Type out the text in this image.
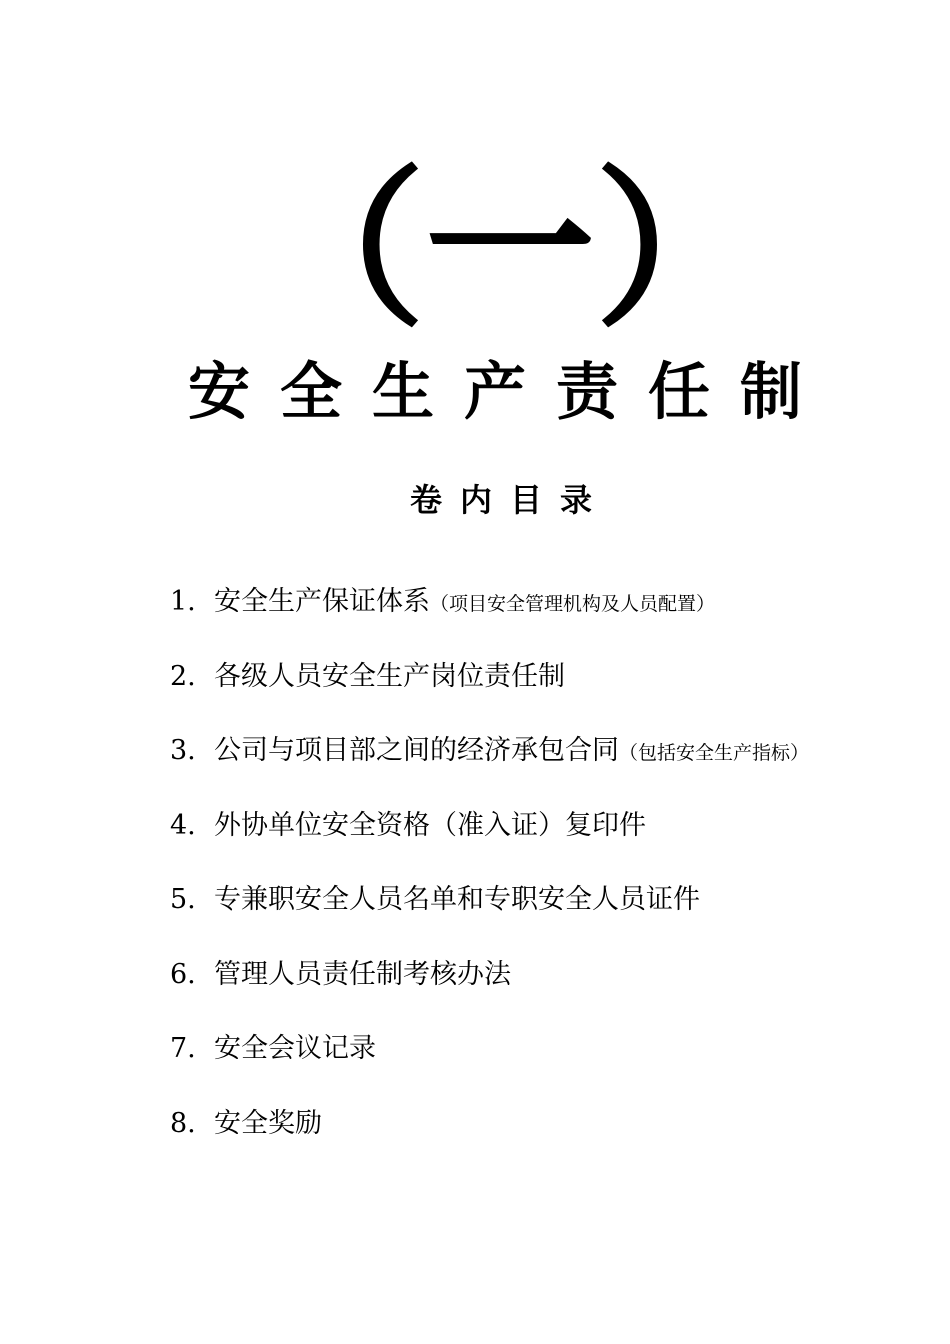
（一）
安全生产责任制
卷内目录
1. 安全生产保证体系（项目安全管理机构及人员配置）
2. 各级人员安全生产岗位责任制
3. 公司与项目部之间的经济承包合同（包括安全生产指标）
4. 外协单位安全资格（准入证）复印件
5. 专兼职安全人员名单和专职安全人员证件
6. 管理人员责任制考核办法
7. 安全会议记录
8. 安全奖励
